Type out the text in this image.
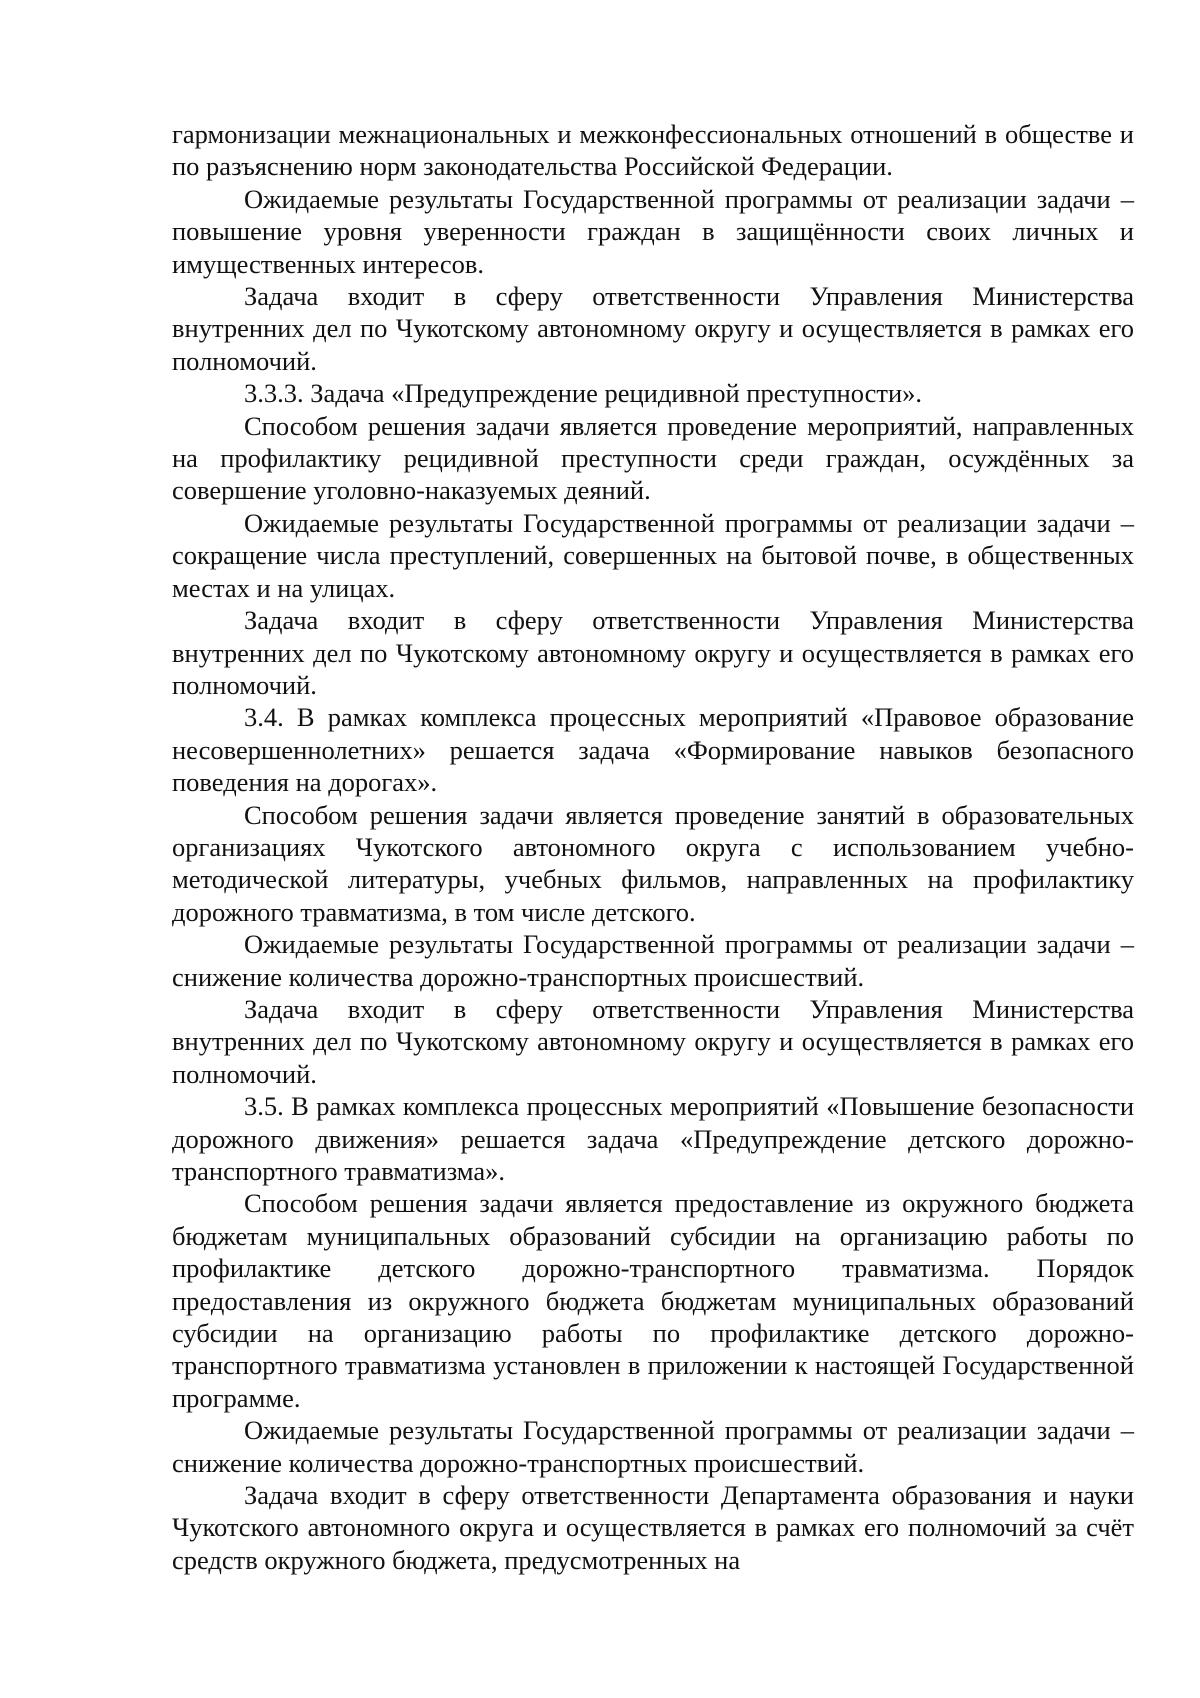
гармонизации межнациональных и межконфессиональных отношений в обществе и по разъяснению норм законодательства Российской Федерации.

Ожидаемые результаты Государственной программы от реализации задачи – повышение уровня уверенности граждан в защищённости своих личных и имущественных интересов.

Задача входит в сферу ответственности Управления Министерства внутренних дел по Чукотскому автономному округу и осуществляется в рамках его полномочий.

3.3.3. Задача «Предупреждение рецидивной преступности».

Способом решения задачи является проведение мероприятий, направленных на профилактику рецидивной преступности среди граждан, осуждённых за совершение уголовно-наказуемых деяний.

Ожидаемые результаты Государственной программы от реализации задачи – сокращение числа преступлений, совершенных на бытовой почве, в общественных местах и на улицах.

Задача входит в сферу ответственности Управления Министерства внутренних дел по Чукотскому автономному округу и осуществляется в рамках его полномочий.

3.4. В рамках комплекса процессных мероприятий «Правовое образование несовершеннолетних» решается задача «Формирование навыков безопасного поведения на дорогах».

Способом решения задачи является проведение занятий в образовательных организациях Чукотского автономного округа с использованием учебно-методической литературы, учебных фильмов, направленных на профилактику дорожного травматизма, в том числе детского.

Ожидаемые результаты Государственной программы от реализации задачи – снижение количества дорожно-транспортных происшествий.

Задача входит в сферу ответственности Управления Министерства внутренних дел по Чукотскому автономному округу и осуществляется в рамках его полномочий.

3.5. В рамках комплекса процессных мероприятий «Повышение безопасности дорожного движения» решается задача «Предупреждение детского дорожно-транспортного травматизма».

Способом решения задачи является предоставление из окружного бюджета бюджетам муниципальных образований субсидии на организацию работы по профилактике детского дорожно-транспортного травматизма. Порядок предоставления из окружного бюджета бюджетам муниципальных образований субсидии на организацию работы по профилактике детского дорожно-транспортного травматизма установлен в приложении к настоящей Государственной программе.

Ожидаемые результаты Государственной программы от реализации задачи – снижение количества дорожно-транспортных происшествий.

Задача входит в сферу ответственности Департамента образования и науки Чукотского автономного округа и осуществляется в рамках его полномочий за счёт средств окружного бюджета, предусмотренных на
